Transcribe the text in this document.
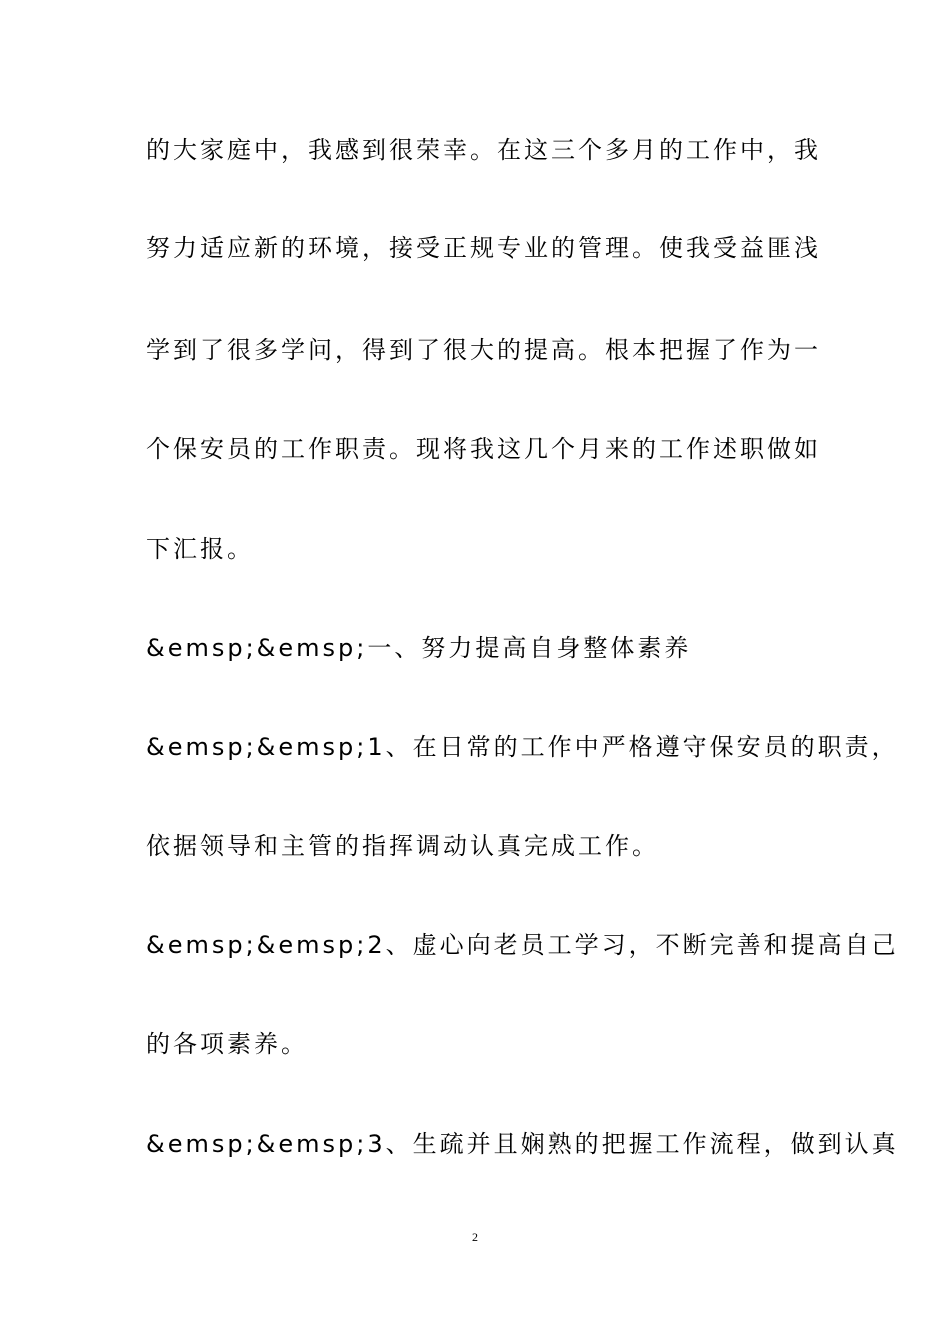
的大家庭中，我感到很荣幸。在这三个多月的工作中，我
努力适应新的环境，接受正规专业的管理。使我受益匪浅
学到了很多学问，得到了很大的提高。根本把握了作为一
个保安员的工作职责。现将我这几个月来的工作述职做如
下汇报。
&emsp;&emsp;一、努力提高自身整体素养
&emsp;&emsp;1、在日常的工作中严格遵守保安员的职责，
依据领导和主管的指挥调动认真完成工作。
&emsp;&emsp;2、虚心向老员工学习，不断完善和提高自己
的各项素养。
&emsp;&emsp;3、生疏并且娴熟的把握工作流程，做到认真
2
